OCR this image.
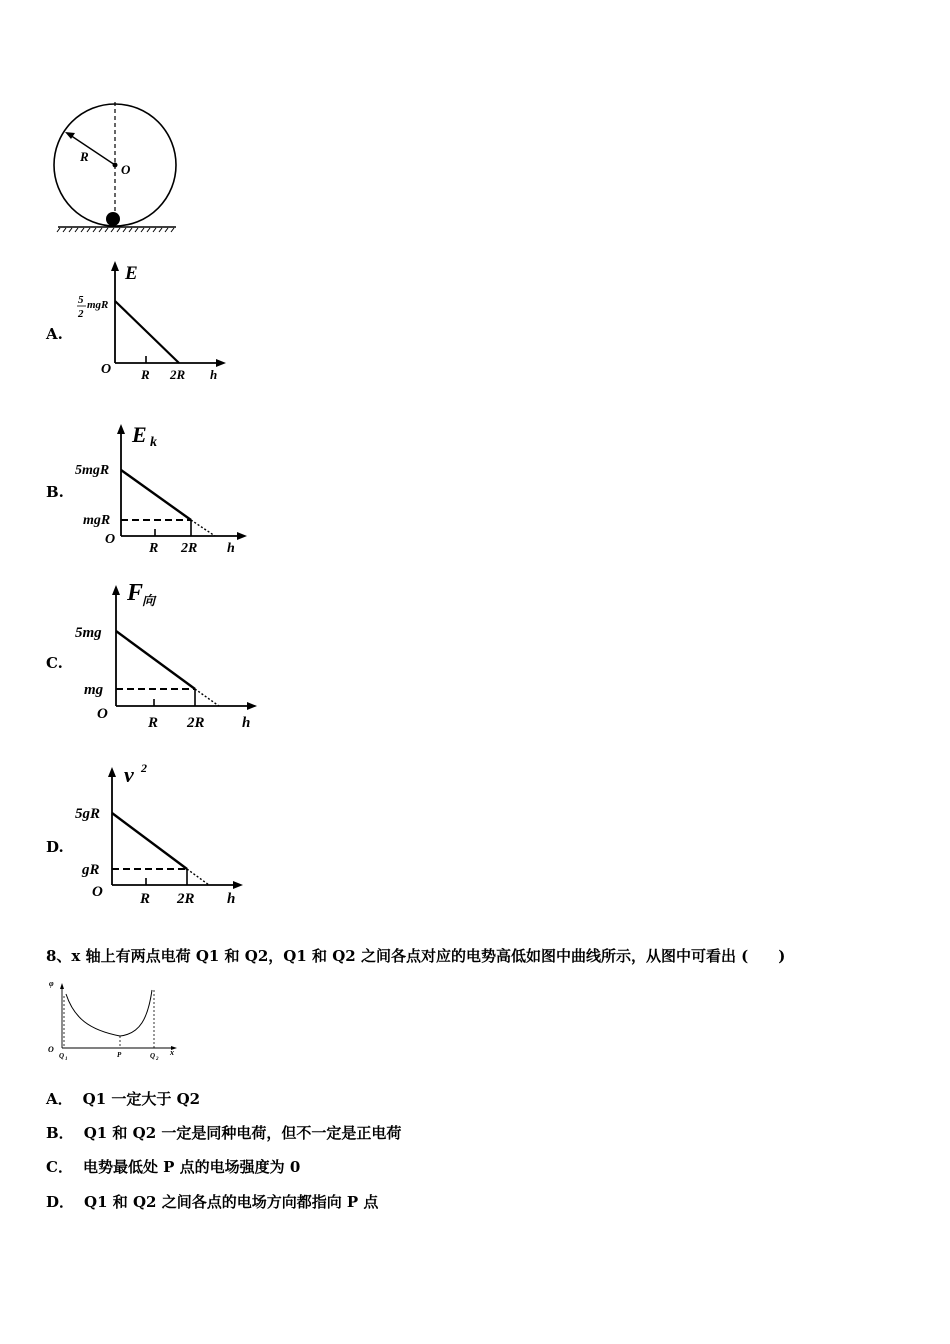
R
O
A.
E
5
2
mgR
O R 2R h
B.
E k
5mgR
mgR
O
R 2R h
C.
F
向
5mg
mg
O
R 2R h
D.
v 2
5gR
gR
O R 2R h
8、x 轴上有两点电荷 Q1 和 Q2，Q1 和 Q2 之间各点对应的电势高低如图中曲线所示，从图中可看出 (　　)
φ
O
Q 1
P	Q 2
x
A． Q1 一定大于 Q2
B． Q1 和 Q2 一定是同种电荷，但不一定是正电荷
C． 电势最低处 P 点的电场强度为 0
D． Q1 和 Q2 之间各点的电场方向都指向 P 点
